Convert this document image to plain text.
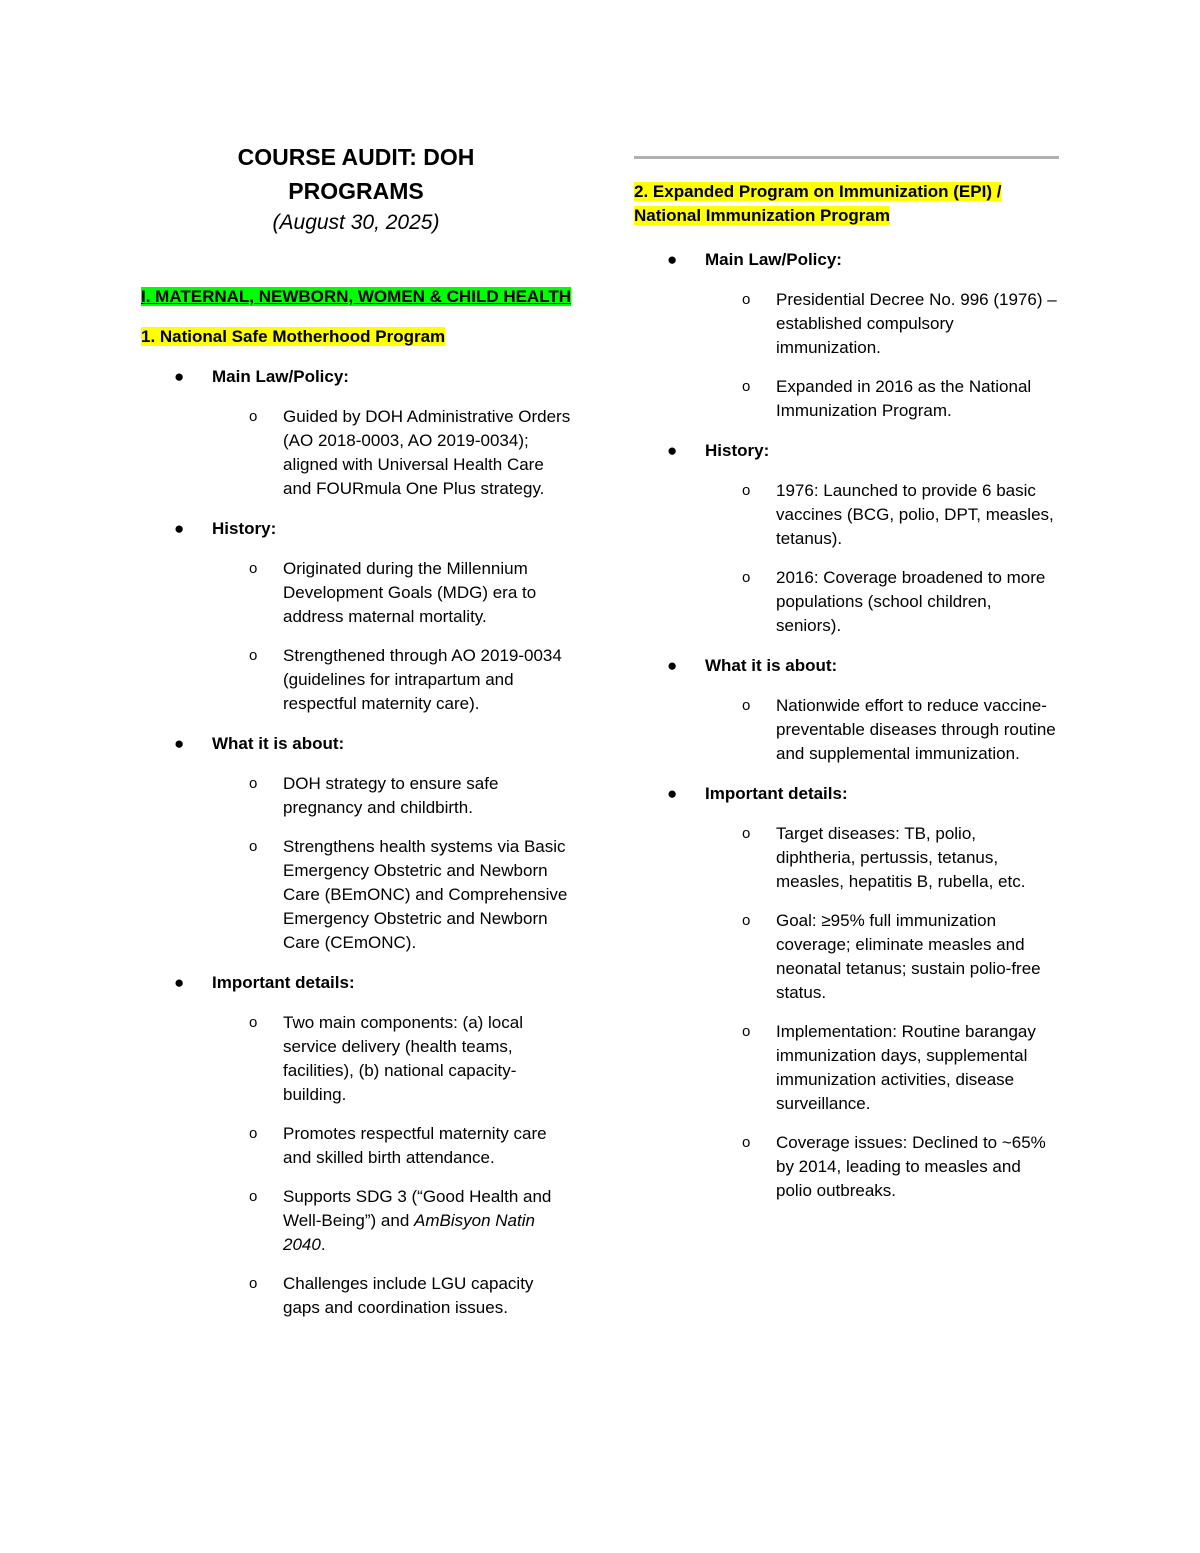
COURSE AUDIT: DOH
PROGRAMS

(August 30, 2025)

I. MATERNAL, NEWBORN, WOMEN & CHILD HEALTH

1. National Safe Motherhood Program

● Main Law/Policy:
o Guided by DOH Administrative Orders (AO 2018-0003, AO 2019-0034); aligned with Universal Health Care and FOURmula One Plus strategy.
● History:
o Originated during the Millennium Development Goals (MDG) era to address maternal mortality.
o Strengthened through AO 2019-0034 (guidelines for intrapartum and respectful maternity care).
● What it is about:
o DOH strategy to ensure safe pregnancy and childbirth.
o Strengthens health systems via Basic Emergency Obstetric and Newborn Care (BEmONC) and Comprehensive Emergency Obstetric and Newborn Care (CEmONC).
● Important details:
o Two main components: (a) local service delivery (health teams, facilities), (b) national capacity-building.
o Promotes respectful maternity care and skilled birth attendance.
o Supports SDG 3 (“Good Health and Well-Being”) and AmBisyon Natin 2040.
o Challenges include LGU capacity gaps and coordination issues.

2. Expanded Program on Immunization (EPI) /
National Immunization Program

● Main Law/Policy:
o Presidential Decree No. 996 (1976) – established compulsory immunization.
o Expanded in 2016 as the National Immunization Program.
● History:
o 1976: Launched to provide 6 basic vaccines (BCG, polio, DPT, measles, tetanus).
o 2016: Coverage broadened to more populations (school children, seniors).
● What it is about:
o Nationwide effort to reduce vaccine-preventable diseases through routine and supplemental immunization.
● Important details:
o Target diseases: TB, polio, diphtheria, pertussis, tetanus, measles, hepatitis B, rubella, etc.
o Goal: ≥95% full immunization coverage; eliminate measles and neonatal tetanus; sustain polio-free status.
o Implementation: Routine barangay immunization days, supplemental immunization activities, disease surveillance.
o Coverage issues: Declined to ~65% by 2014, leading to measles and polio outbreaks.
